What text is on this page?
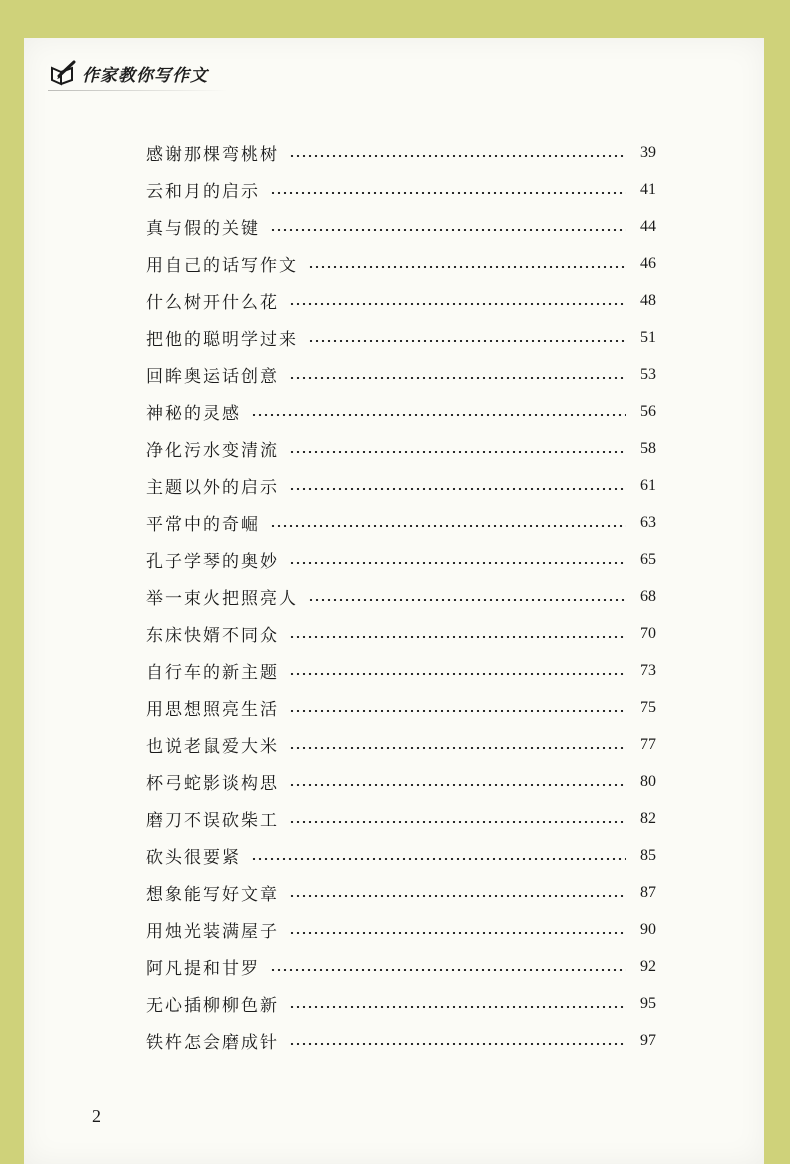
作家教你写作文
感谢那棵弯桃树	39
云和月的启示	41
真与假的关键	44
用自己的话写作文	46
什么树开什么花	48
把他的聪明学过来	51
回眸奥运话创意	53
神秘的灵感	56
净化污水变清流	58
主题以外的启示	61
平常中的奇崛	63
孔子学琴的奥妙	65
举一束火把照亮人	68
东床快婿不同众	70
自行车的新主题	73
用思想照亮生活	75
也说老鼠爱大米	77
杯弓蛇影谈构思	80
磨刀不误砍柴工	82
砍头很要紧	85
想象能写好文章	87
用烛光装满屋子	90
阿凡提和甘罗	92
无心插柳柳色新	95
铁杵怎会磨成针	97
2
